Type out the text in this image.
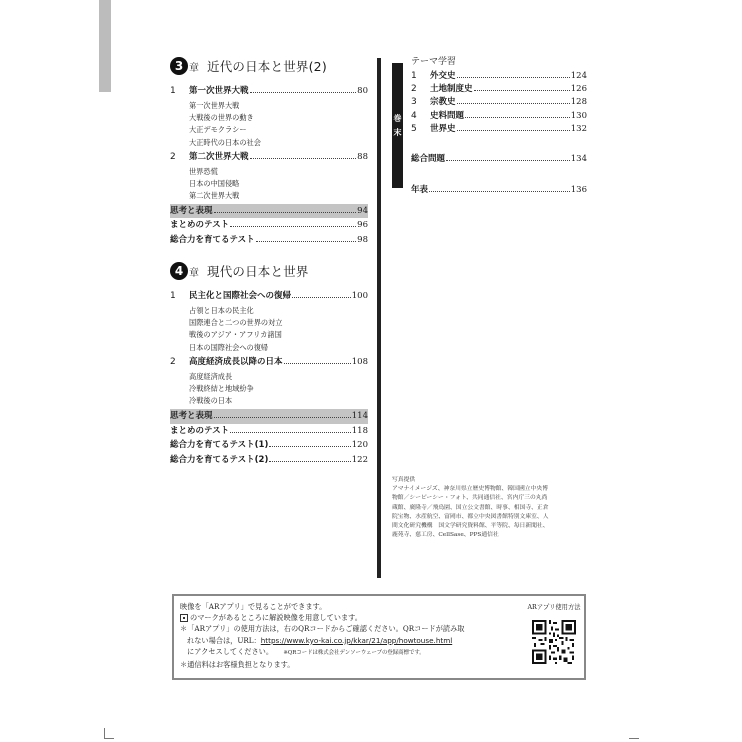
3 章 近代の日本と世界(2)
1	第一次世界大戦	80
第一次世界大戦
大戦後の世界の動き
大正デモクラシー
大正時代の日本の社会
2	第二次世界大戦	88
世界恐慌
日本の中国侵略
第二次世界大戦
思考と表現	94
まとめのテスト	96
総合力を育てるテスト	98
4 章 現代の日本と世界
1	民主化と国際社会への復帰	100
占領と日本の民主化
国際連合と二つの世界の対立
戦後のアジア・アフリカ諸国
日本の国際社会への復帰
2	高度経済成長以降の日本	108
高度経済成長
冷戦終結と地域紛争
冷戦後の日本
思考と表現	114
まとめのテスト	118
総合力を育てるテスト(1)	120
総合力を育てるテスト(2)	122
巻
末
テーマ学習
1	外交史	124
2	土地制度史	126
3	宗教史	128
4	史料問題	130
5	世界史	132
総合問題	134
年表	136
写真提供
アマナイメージズ、神奈川県立歴史博物館、韓国國立中央博
物館／シーピーシー・フォト、共同通信社、宮内庁三の丸尚
蔵館、廣隆寺／飛鳥園、国立公文書館、時事、相国寺、正倉
院宝物、水産航空、富岡市、都立中央図書館特別文庫室、人
間文化研究機構　国文学研究資料館、平等院、毎日新聞社、
鹿苑寺、慈工房、CellSase、PPS通信社
映像を「ARアプリ」で見ることができます。
のマークがあるところに解説映像を用意しています。
＊「ARアプリ」の使用方法は，右のQRコードからご確認ください。QRコードが読み取
れない場合は，URL：https://www.kyo-kai.co.jp/kkar/21/app/howtouse.html
にアクセスしてください。 ※QRコードは株式会社デンソーウェーブの登録商標です。
＊通信料はお客様負担となります。
ARアプリ使用方法
